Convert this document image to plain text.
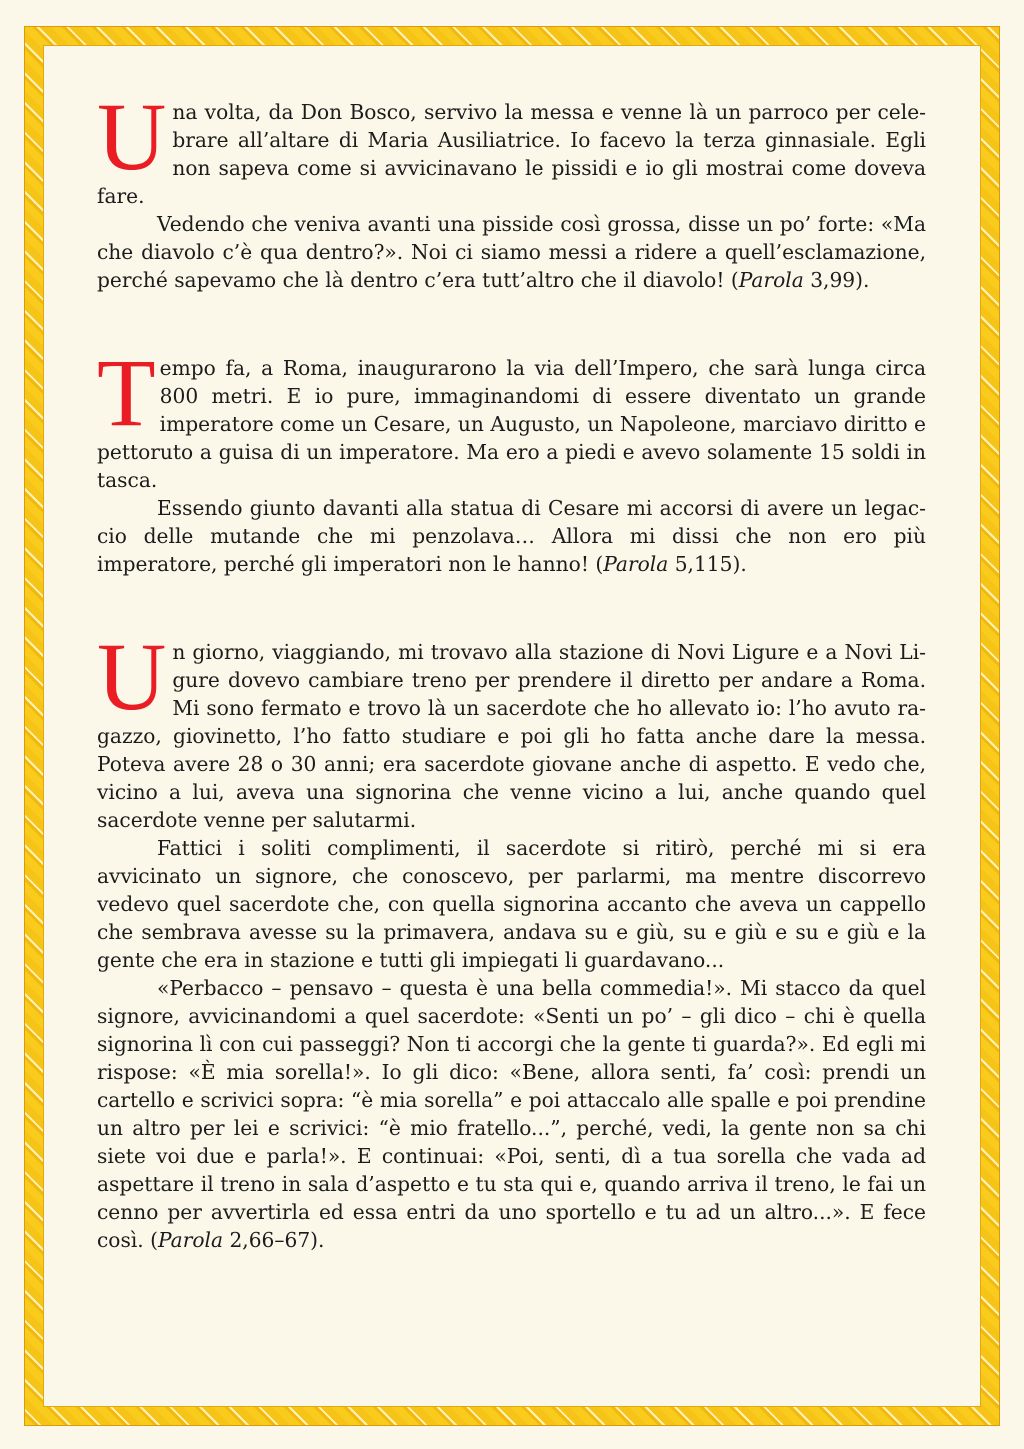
Una volta, da Don Bosco, servivo la messa e venne là un parroco per celebrare all’altare di Maria Ausiliatrice. Io facevo la terza ginnasiale. Egli non sapeva come si avvicinavano le pissidi e io gli mostrai come doveva fare.

Vedendo che veniva avanti una pisside così grossa, disse un po’ forte: «Ma che diavolo c’è qua dentro?». Noi ci siamo messi a ridere a quell’esclamazione, perché sapevamo che là dentro c’era tutt’altro che il diavolo! (Parola 3,99).

Tempo fa, a Roma, inaugurarono la via dell’Impero, che sarà lunga circa 800 metri. E io pure, immaginandomi di essere diventato un grande imperatore come un Cesare, un Augusto, un Napoleone, marciavo diritto e pettoruto a guisa di un imperatore. Ma ero a piedi e avevo solamente 15 soldi in tasca.

Essendo giunto davanti alla statua di Cesare mi accorsi di avere un legaccio delle mutande che mi penzolava… Allora mi dissi che non ero più imperatore, perché gli imperatori non le hanno! (Parola 5,115).

Un giorno, viaggiando, mi trovavo alla stazione di Novi Ligure e a Novi Ligure dovevo cambiare treno per prendere il diretto per andare a Roma. Mi sono fermato e trovo là un sacerdote che ho allevato io: l’ho avuto ragazzo, giovinetto, l’ho fatto studiare e poi gli ho fatta anche dare la messa. Poteva avere 28 o 30 anni; era sacerdote giovane anche di aspetto. E vedo che, vicino a lui, aveva una signorina che venne vicino a lui, anche quando quel sacerdote venne per salutarmi.

Fattici i soliti complimenti, il sacerdote si ritirò, perché mi si era avvicinato un signore, che conoscevo, per parlarmi, ma mentre discorrevo vedevo quel sacerdote che, con quella signorina accanto che aveva un cappello che sembrava avesse su la primavera, andava su e giù, su e giù e su e giù e la gente che era in stazione e tutti gli impiegati li guardavano...

«Perbacco – pensavo – questa è una bella commedia!». Mi stacco da quel signore, avvicinandomi a quel sacerdote: «Senti un po’ – gli dico – chi è quella signorina lì con cui passeggi? Non ti accorgi che la gente ti guarda?». Ed egli mi rispose: «È mia sorella!». Io gli dico: «Bene, allora senti, fa’ così: prendi un cartello e scrivici sopra: “è mia sorella” e poi attaccalo alle spalle e poi prendine un altro per lei e scrivici: “è mio fratello...”, perché, vedi, la gente non sa chi siete voi due e parla!». E continuai: «Poi, senti, dì a tua sorella che vada ad aspettare il treno in sala d’aspetto e tu sta qui e, quando arriva il treno, le fai un cenno per avvertirla ed essa entri da uno sportello e tu ad un altro...». E fece così. (Parola 2,66–67).
